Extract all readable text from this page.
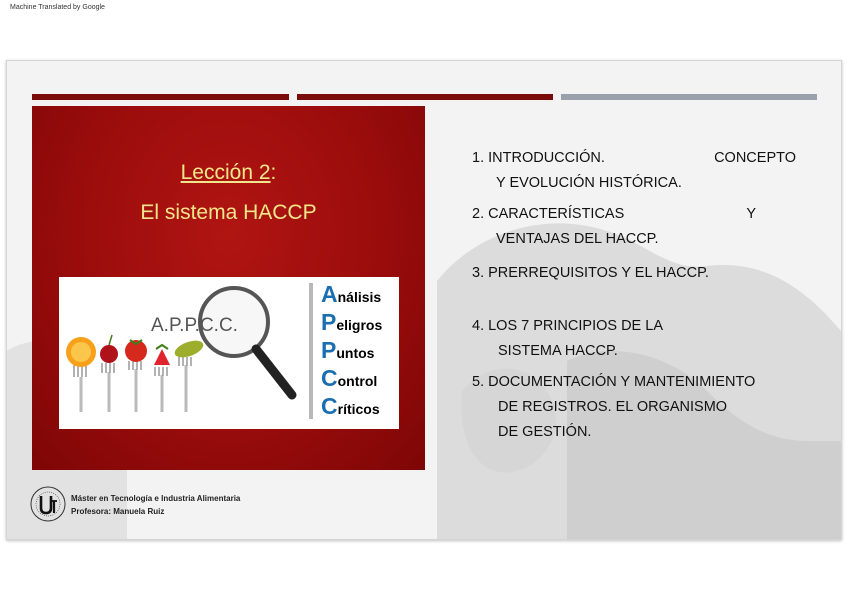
Machine Translated by Google
Lección 2:
El sistema HACCP
A.P.P.C.C.
Análisis
Peligros
Puntos
Control
Críticos
1. INTRODUCCIÓN.	CONCEPTO
Y EVOLUCIÓN HISTÓRICA.
2. CARACTERÍSTICAS	Y
VENTAJAS DEL HACCP.
3. PRERREQUISITOS Y EL HACCP.
4. LOS 7 PRINCIPIOS DE LA
SISTEMA HACCP.
5. DOCUMENTACIÓN Y MANTENIMIENTO
DE REGISTROS. EL ORGANISMO
DE GESTIÓN.
Máster en Tecnología e Industria Alimentaria
Profesora: Manuela Ruiz
